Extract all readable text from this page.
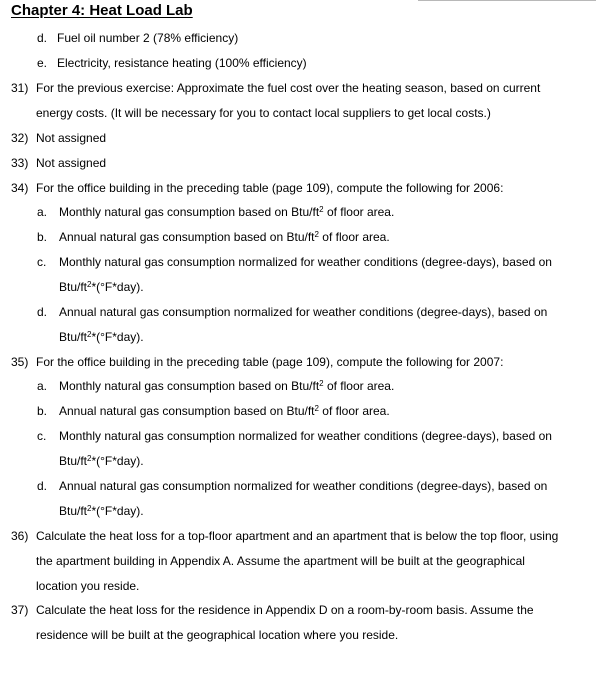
Chapter 4: Heat Load Lab
d. Fuel oil number 2 (78% efficiency)
e. Electricity, resistance heating (100% efficiency)
31) For the previous exercise: Approximate the fuel cost over the heating season, based on current
energy costs. (It will be necessary for you to contact local suppliers to get local costs.)
32) Not assigned
33) Not assigned
34) For the office building in the preceding table (page 109), compute the following for 2006:
a. Monthly natural gas consumption based on Btu/$ft^2$ of floor area.
b. Annual natural gas consumption based on Btu/$ft^2$ of floor area.
c. Monthly natural gas consumption normalized for weather conditions (degree-days), based on
Btu/$ft^2*(^\circ F*day)$.
d. Annual natural gas consumption normalized for weather conditions (degree-days), based on
Btu/$ft^2*(^\circ F*day)$.
35) For the office building in the preceding table (page 109), compute the following for 2007:
a. Monthly natural gas consumption based on Btu/$ft^2$ of floor area.
b. Annual natural gas consumption based on Btu/$ft^2$ of floor area.
c. Monthly natural gas consumption normalized for weather conditions (degree-days), based on
Btu/$ft^2*(^\circ F*day)$.
d. Annual natural gas consumption normalized for weather conditions (degree-days), based on
Btu/$ft^2*(^\circ F*day)$.
36) Calculate the heat loss for a top-floor apartment and an apartment that is below the top floor, using
the apartment building in Appendix A. Assume the apartment will be built at the geographical
location you reside.
37) Calculate the heat loss for the residence in Appendix D on a room-by-room basis. Assume the
residence will be built at the geographical location where you reside.
